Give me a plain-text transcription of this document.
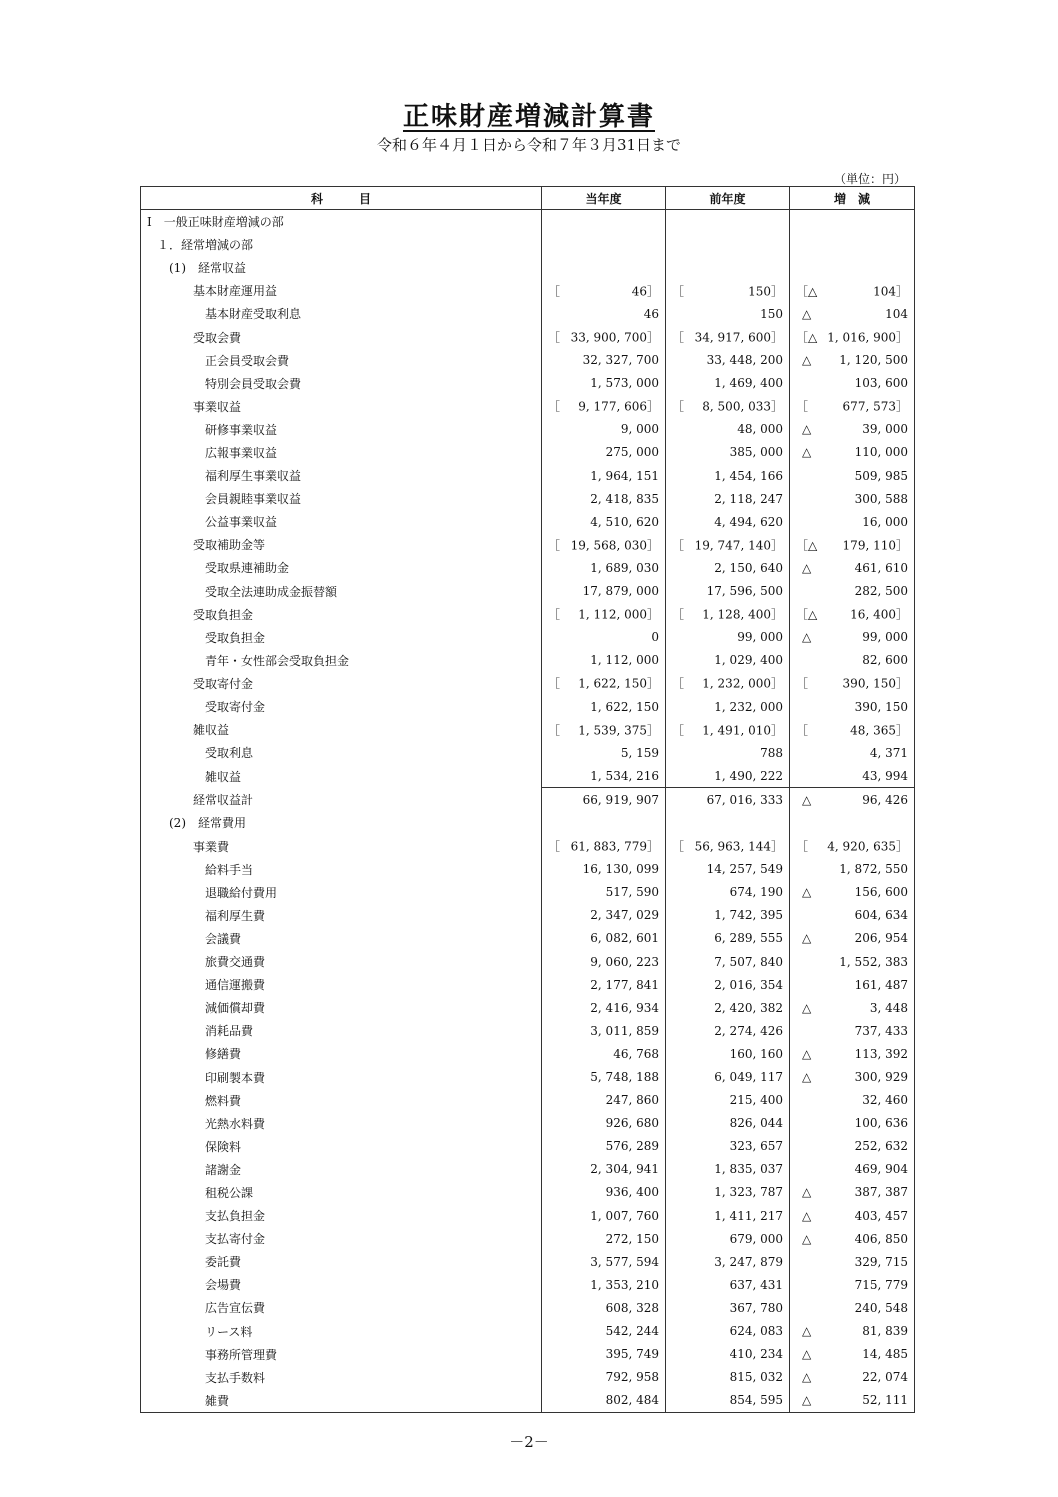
正味財産増減計算書
令和６年４月１日から令和７年３月31日まで
（単位：円）
科　　　目	当年度	前年度	増　減
Ⅰ　一般正味財産増減の部			
１．経常増減の部			
(1)　経常収益			
基本財産運用益	［ 46］	［ 150］	［△ 104］

基本財産受取利息	46	150	△ 104

受取会費	［ 33, 900, 700］	［ 34, 917, 600］	［△ 1, 016, 900］

正会員受取会費	32, 327, 700	33, 448, 200	△ 1, 120, 500

特別会員受取会費	1, 573, 000	1, 469, 400	103, 600

事業収益	［ 9, 177, 606］	［ 8, 500, 033］	［ 677, 573］

研修事業収益	9, 000	48, 000	△ 39, 000

広報事業収益	275, 000	385, 000	△ 110, 000

福利厚生事業収益	1, 964, 151	1, 454, 166	509, 985

会員親睦事業収益	2, 418, 835	2, 118, 247	300, 588

公益事業収益	4, 510, 620	4, 494, 620	16, 000

受取補助金等	［ 19, 568, 030］	［ 19, 747, 140］	［△ 179, 110］

受取県連補助金	1, 689, 030	2, 150, 640	△ 461, 610

受取全法連助成金振替額	17, 879, 000	17, 596, 500	282, 500

受取負担金	［ 1, 112, 000］	［ 1, 128, 400］	［△ 16, 400］

受取負担金	0	99, 000	△ 99, 000

青年・女性部会受取負担金	1, 112, 000	1, 029, 400	82, 600

受取寄付金	［ 1, 622, 150］	［ 1, 232, 000］	［ 390, 150］

受取寄付金	1, 622, 150	1, 232, 000	390, 150

雑収益	［ 1, 539, 375］	［ 1, 491, 010］	［ 48, 365］

受取利息	5, 159	788	4, 371

雑収益	1, 534, 216	1, 490, 222	43, 994

経常収益計	66, 919, 907	67, 016, 333	△ 96, 426

(2)　経常費用			
事業費	［ 61, 883, 779］	［ 56, 963, 144］	［ 4, 920, 635］

給料手当	16, 130, 099	14, 257, 549	1, 872, 550

退職給付費用	517, 590	674, 190	△ 156, 600

福利厚生費	2, 347, 029	1, 742, 395	604, 634

会議費	6, 082, 601	6, 289, 555	△ 206, 954

旅費交通費	9, 060, 223	7, 507, 840	1, 552, 383

通信運搬費	2, 177, 841	2, 016, 354	161, 487

減価償却費	2, 416, 934	2, 420, 382	△ 3, 448

消耗品費	3, 011, 859	2, 274, 426	737, 433

修繕費	46, 768	160, 160	△ 113, 392

印刷製本費	5, 748, 188	6, 049, 117	△ 300, 929

燃料費	247, 860	215, 400	32, 460

光熱水料費	926, 680	826, 044	100, 636

保険料	576, 289	323, 657	252, 632

諸謝金	2, 304, 941	1, 835, 037	469, 904

租税公課	936, 400	1, 323, 787	△ 387, 387

支払負担金	1, 007, 760	1, 411, 217	△ 403, 457

支払寄付金	272, 150	679, 000	△ 406, 850

委託費	3, 577, 594	3, 247, 879	329, 715

会場費	1, 353, 210	637, 431	715, 779

広告宣伝費	608, 328	367, 780	240, 548

リース料	542, 244	624, 083	△ 81, 839

事務所管理費	395, 749	410, 234	△ 14, 485

支払手数料	792, 958	815, 032	△ 22, 074

雑費	802, 484	854, 595	△ 52, 111
－2－
